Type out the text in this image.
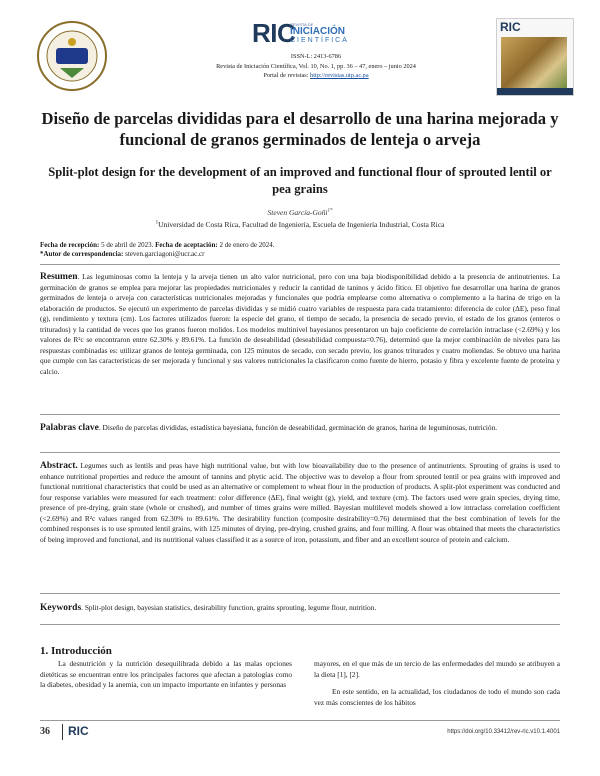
RIC
REVISTA DE
INICIACIÓN
CIENTÍFICA
ISSN-L: 2413-6786
Revista de Iniciación Científica, Vol. 10, No. 1, pp. 36 – 47, enero – junio 2024
Portal de revistas: http://revistas.utp.ac.pa
RIC
Diseño de parcelas divididas para el desarrollo de una harina mejorada y funcional de granos germinados de lenteja o arveja
Split-plot design for the development of an improved and functional flour of sprouted lentil or pea grains
Steven García-Goñi$^{1*}$
$^1$Universidad de Costa Rica, Facultad de Ingeniería, Escuela de Ingeniería Industrial, Costa Rica
Fecha de recepción: 5 de abril de 2023. Fecha de aceptación: 2 de enero de 2024.
*Autor de correspondencia: steven.garciagoni@ucr.ac.cr
Resumen. Las leguminosas como la lenteja y la arveja tienen un alto valor nutricional, pero con una baja biodisponibilidad debido a la presencia de antinutrientes. La germinación de granos se emplea para mejorar las propiedades nutricionales y reducir la cantidad de taninos y ácido fítico. El objetivo fue desarrollar una harina de granos germinados de lenteja o arveja con características nutricionales mejoradas y funcionales que podría emplearse como alternativa o complemento a la harina de trigo en la elaboración de productos. Se ejecutó un experimento de parcelas divididas y se midió cuatro variables de respuesta para cada tratamiento: diferencia de color (ΔE), peso final (g), rendimiento y textura (cm). Los factores utilizados fueron: la especie del grano, el tiempo de secado, la presencia de secado previo, el estado de los granos (enteros o triturados) y la cantidad de veces que los granos fueron molidos. Los modelos multinivel bayesianos presentaron un bajo coeficiente de correlación intraclase (<2.69%) y los valores de R²c se encontraron entre 62.30% y 89.61%. La función de deseabilidad (deseabilidad compuesta=0.76), determinó que la mejor combinación de niveles para las respuestas combinadas es: utilizar granos de lenteja germinada, con 125 minutos de secado, con secado previo, los granos triturados y cuatro moliendas. Se obtuvo una harina que cumple con las características de ser mejorada y funcional y sus valores nutricionales la clasificaron como fuente de hierro, potasio y fibra y excelente fuente de proteína y calcio.
Palabras clave. Diseño de parcelas divididas, estadística bayesiana, función de deseabilidad, germinación de granos, harina de leguminosas, nutrición.
Abstract. Legumes such as lentils and peas have high nutritional value, but with low bioavailability due to the presence of antinutrients. Sprouting of grains is used to enhance nutritional properties and reduce the amount of tannins and phytic acid. The objective was to develop a flour from sprouted lentil or pea grains with improved and functional nutritional characteristics that could be used as an alternative or complement to wheat flour in the production of products. A split-plot experiment was conducted and four response variables were measured for each treatment: color difference (ΔE), final weight (g), yield, and texture (cm). The factors used were grain species, drying time, presence of pre-drying, grain state (whole or crushed), and number of times grains were milled. Bayesian multilevel models showed a low intraclass correlation coefficient (<2.69%) and R²c values ranged from 62.30% to 89.61%. The desirability function (composite desirability=0.76) determined that the best combination of levels for the combined responses is to use sprouted lentil grains, with 125 minutes of drying, pre-drying, crushed grains, and four milling. A flour was obtained that meets the characteristics of being improved and functional, and its nutritional values classified it as a source of iron, potassium, and fiber and an excellent source of protein and calcium.
Keywords. Split-plot design, bayesian statistics, desirability function, grains sprouting, legume flour, nutrition.
1. Introducción
La desnutrición y la nutrición desequilibrada debido a las malas opciones dietéticas se encuentran entre los principales factores que afectan a patologías como la diabetes, obesidad y la anemia, con un impacto importante en infantes y personas

mayores, en el que más de un tercio de las enfermedades del mundo se atribuyen a la dieta [1], [2].

En este sentido, en la actualidad, los ciudadanos de todo el mundo son cada vez más conscientes de los hábitos

36 RIC	https://doi.org/10.33412/rev-ric.v10.1.4001
